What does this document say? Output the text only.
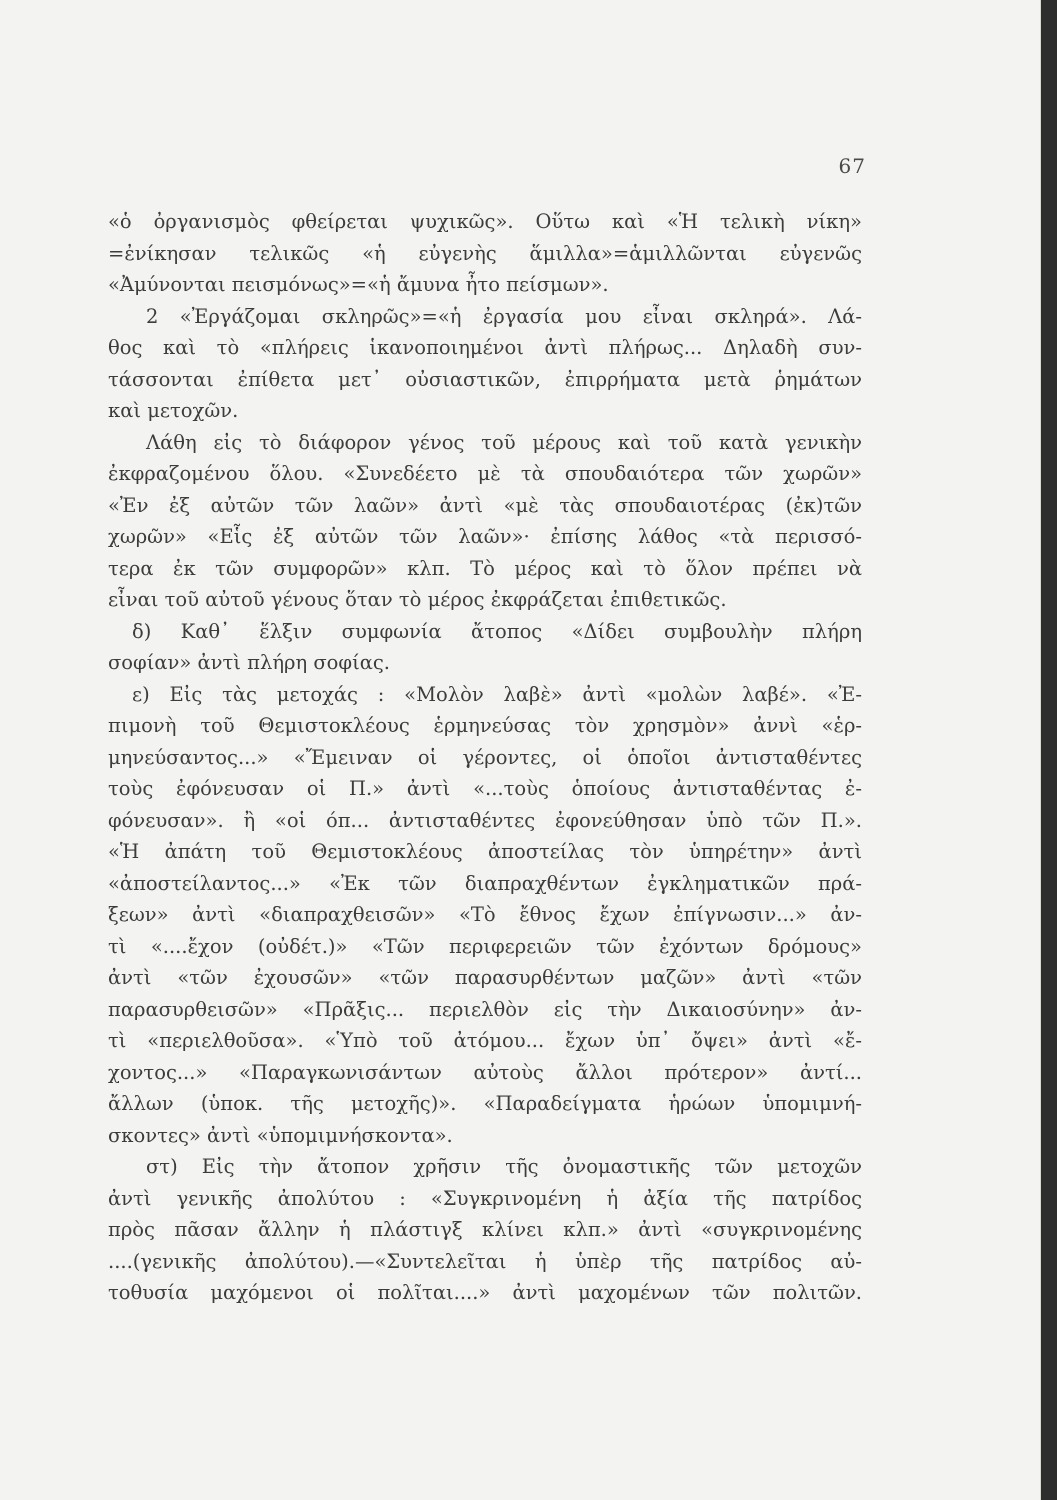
67
«ὁ ὀργανισμὸς φθείρεται ψυχικῶς». Οὕτω καὶ «Ἡ τελικὴ νίκη»
=ἐνίκησαν τελικῶς «ἡ εὐγενὴς ἅμιλλα»=ἁμιλλῶνται εὐγενῶς
«Ἀμύνονται πεισμόνως»=«ἡ ἄμυνα ἦτο πείσμων».
2 «Ἐργάζομαι σκληρῶς»=«ἡ ἐργασία μου εἶναι σκληρά». Λά-
θος καὶ τὸ «πλήρεις ἱκανοποιημένοι ἀντὶ πλήρως... Δηλαδὴ συν-
τάσσονται ἐπίθετα μετ᾽ οὐσιαστικῶν, ἐπιρρήματα μετὰ ῥημάτων
καὶ μετοχῶν.
Λάθη εἰς τὸ διάφορον γένος τοῦ μέρους καὶ τοῦ κατὰ γενικὴν
ἐκφραζομένου ὅλου. «Συνεδέετο μὲ τὰ σπουδαιότερα τῶν χωρῶν»
«Ἐν ἐξ αὐτῶν τῶν λαῶν» ἀντὶ «μὲ τὰς σπουδαιοτέρας (ἐκ)τῶν
χωρῶν» «Εἷς ἐξ αὐτῶν τῶν λαῶν»· ἐπίσης λάθος «τὰ περισσό-
τερα ἐκ τῶν συμφορῶν» κλπ. Τὸ μέρος καὶ τὸ ὅλον πρέπει νὰ
εἶναι τοῦ αὐτοῦ γένους ὅταν τὸ μέρος ἐκφράζεται ἐπιθετικῶς.
δ) Καθ᾽ ἕλξιν συμφωνία ἄτοπος «Δίδει συμβουλὴν πλήρη
σοφίαν» ἀντὶ πλήρη σοφίας.
ε) Εἰς τὰς μετοχάς : «Μολὸν λαβὲ» ἀντὶ «μολὼν λαβέ». «Ἐ-
πιμονὴ τοῦ Θεμιστοκλέους ἑρμηνεύσας τὸν χρησμὸν» ἀννὶ «ἑρ-
μηνεύσαντος...» «Ἔμειναν οἱ γέροντες, οἱ ὁποῖοι ἀντισταθέντες
τοὺς ἐφόνευσαν οἱ Π.» ἀντὶ «...τοὺς ὁποίους ἀντισταθέντας ἐ-
φόνευσαν». ἢ «οἱ όπ... ἀντισταθέντες ἐφονεύθησαν ὑπὸ τῶν Π.».
«Ἡ ἀπάτη τοῦ Θεμιστοκλέους ἀποστείλας τὸν ὑπηρέτην» ἀντὶ
«ἀποστείλαντος...» «Ἐκ τῶν διαπραχθέντων ἐγκληματικῶν πρά-
ξεων» ἀντὶ «διαπραχθεισῶν» «Τὸ ἔθνος ἔχων ἐπίγνωσιν...» ἀν-
τὶ «....ἔχον (οὐδέτ.)» «Τῶν περιφερειῶν τῶν ἐχόντων δρόμους»
ἀντὶ «τῶν ἐχουσῶν» «τῶν παρασυρθέντων μαζῶν» ἀντὶ «τῶν
παρασυρθεισῶν» «Πρᾶξις... περιελθὸν εἰς τὴν Δικαιοσύνην» ἀν-
τὶ «περιελθοῦσα». «Ὑπὸ τοῦ ἀτόμου... ἔχων ὑπ᾽ ὄψει» ἀντὶ «ἔ-
χοντος...» «Παραγκωνισάντων αὐτοὺς ἄλλοι πρότερον» ἀντί...
ἄλλων (ὑποκ. τῆς μετοχῆς)». «Παραδείγματα ἡρώων ὑπομιμνή-
σκοντες» ἀντὶ «ὑπομιμνήσκοντα».
στ) Εἰς τὴν ἄτοπον χρῆσιν τῆς ὀνομαστικῆς τῶν μετοχῶν
ἀντὶ γενικῆς ἀπολύτου : «Συγκρινομένη ἡ ἀξία τῆς πατρίδος
πρὸς πᾶσαν ἄλλην ἡ πλάστιγξ κλίνει κλπ.» ἀντὶ «συγκρινομένης
....(γενικῆς ἀπολύτου).—«Συντελεῖται ἡ ὑπὲρ τῆς πατρίδος αὐ-
τοθυσία μαχόμενοι οἱ πολῖται....» ἀντὶ μαχομένων τῶν πολιτῶν.
